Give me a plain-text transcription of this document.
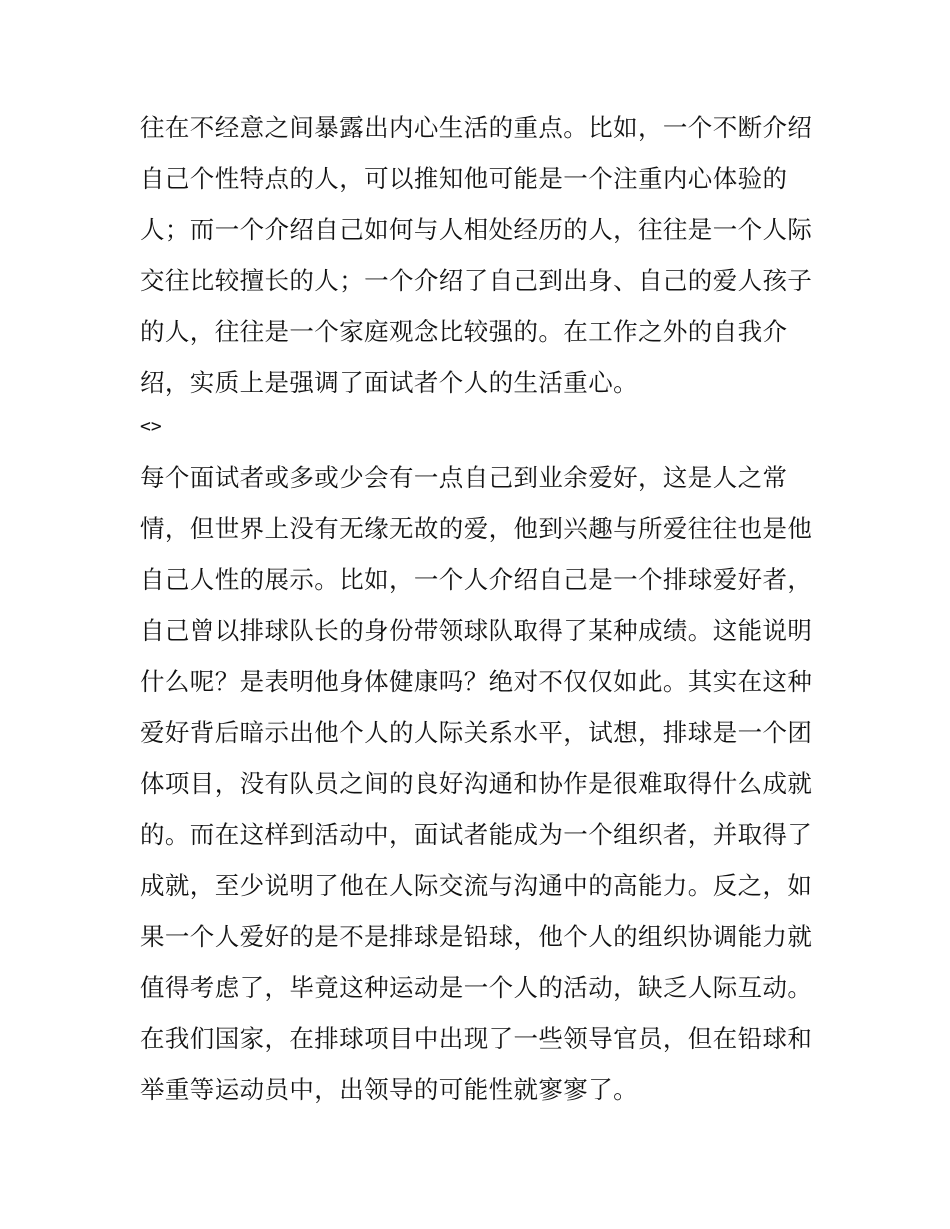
往在不经意之间暴露出内心生活的重点。比如，一个不断介绍
自己个性特点的人，可以推知他可能是一个注重内心体验的
人；而一个介绍自己如何与人相处经历的人，往往是一个人际
交往比较擅长的人；一个介绍了自己到出身、自己的爱人孩子
的人，往往是一个家庭观念比较强的。在工作之外的自我介
绍，实质上是强调了面试者个人的生活重心。
<>
每个面试者或多或少会有一点自己到业余爱好，这是人之常
情，但世界上没有无缘无故的爱，他到兴趣与所爱往往也是他
自己人性的展示。比如，一个人介绍自己是一个排球爱好者，
自己曾以排球队长的身份带领球队取得了某种成绩。这能说明
什么呢？是表明他身体健康吗？绝对不仅仅如此。其实在这种
爱好背后暗示出他个人的人际关系水平，试想，排球是一个团
体项目，没有队员之间的良好沟通和协作是很难取得什么成就
的。而在这样到活动中，面试者能成为一个组织者，并取得了
成就，至少说明了他在人际交流与沟通中的高能力。反之，如
果一个人爱好的是不是排球是铅球，他个人的组织协调能力就
值得考虑了，毕竟这种运动是一个人的活动，缺乏人际互动。
在我们国家，在排球项目中出现了一些领导官员，但在铅球和
举重等运动员中，出领导的可能性就寥寥了。
